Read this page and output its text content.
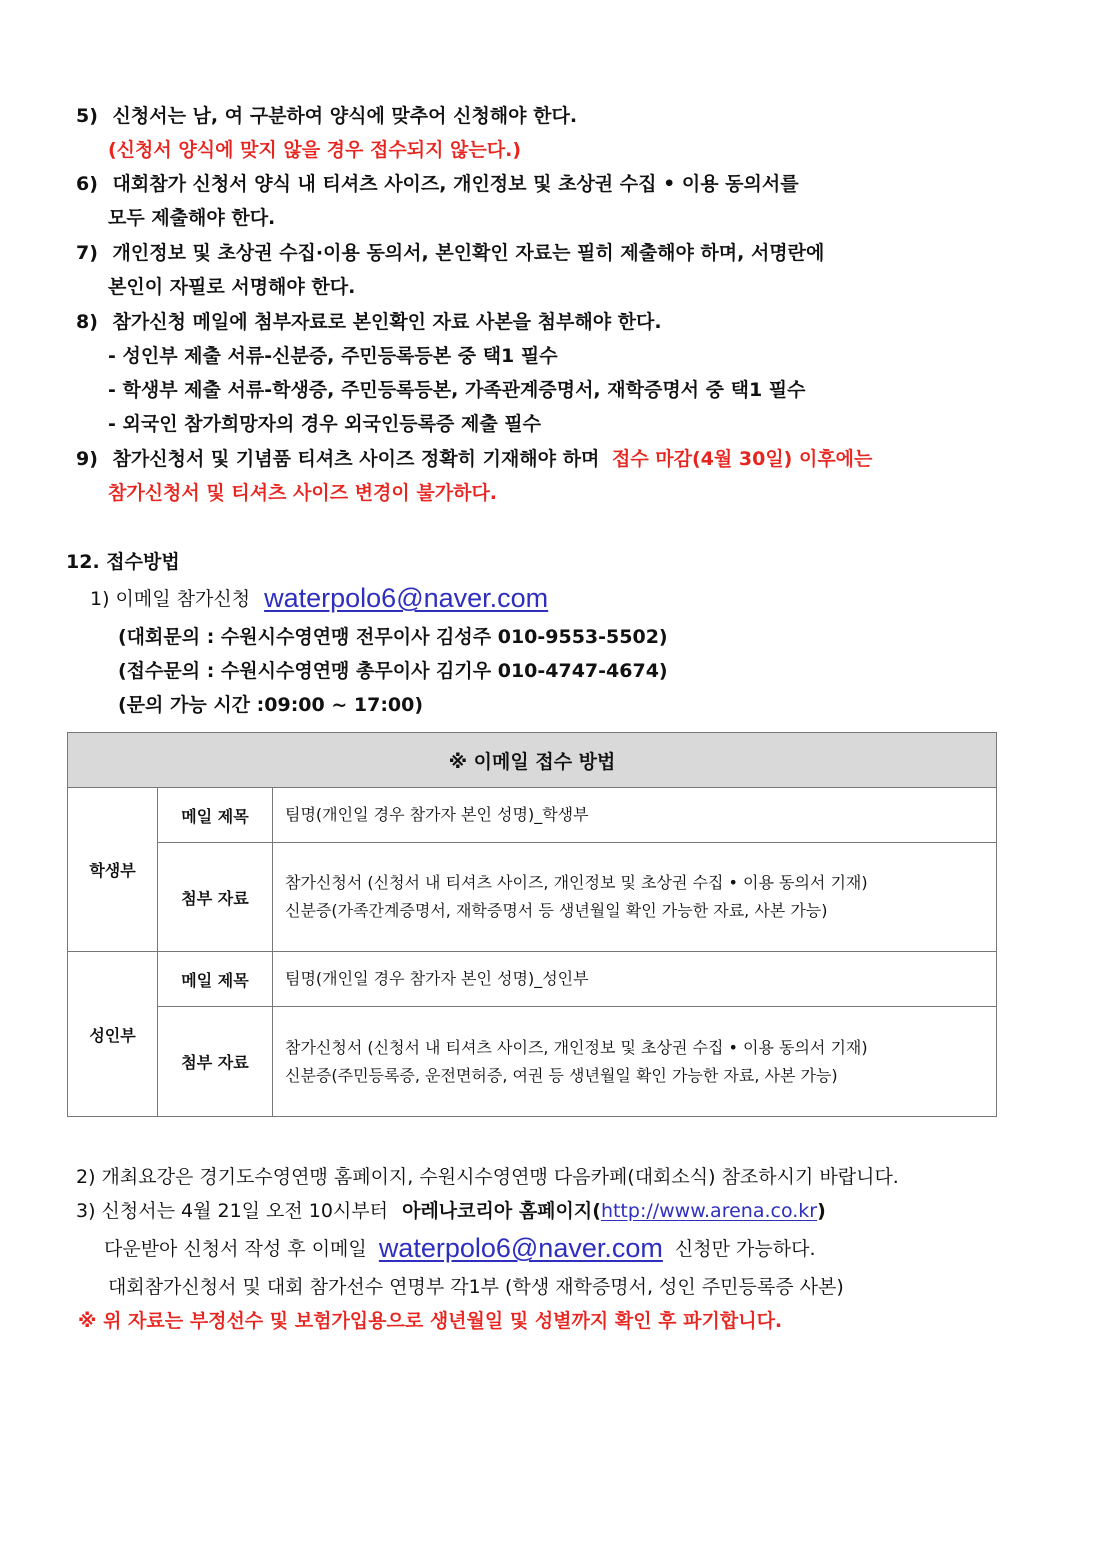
5) 신청서는 남, 여 구분하여 양식에 맞추어 신청해야 한다.
(신청서 양식에 맞지 않을 경우 접수되지 않는다.)
6) 대회참가 신청서 양식 내 티셔츠 사이즈, 개인정보 및 초상권 수집 • 이용 동의서를
모두 제출해야 한다.
7) 개인정보 및 초상권 수집·이용 동의서, 본인확인 자료는 필히 제출해야 하며, 서명란에
본인이 자필로 서명해야 한다.
8) 참가신청 메일에 첨부자료로 본인확인 자료 사본을 첨부해야 한다.
- 성인부 제출 서류-신분증, 주민등록등본 중 택1 필수
- 학생부 제출 서류-학생증, 주민등록등본, 가족관계증명서, 재학증명서 중 택1 필수
- 외국인 참가희망자의 경우 외국인등록증 제출 필수
9) 참가신청서 및 기념품 티셔츠 사이즈 정확히 기재해야 하며 접수 마감(4월 30일) 이후에는
참가신청서 및 티셔츠 사이즈 변경이 불가하다.
12. 접수방법
1) 이메일 참가신청 waterpolo6@naver.com
(대회문의 : 수원시수영연맹 전무이사 김성주 010-9553-5502)
(접수문의 : 수원시수영연맹 총무이사 김기우 010-4747-4674)
(문의 가능 시간 :09:00 ~ 17:00)
※ 이메일 접수 방법		
학생부	메일 제목	팀명(개인일 경우 참가자 본인 성명)_학생부
	첨부 자료	참가신청서 (신청서 내 티셔츠 사이즈, 개인정보 및 초상권 수집 • 이용 동의서 기재)
신분증(가족간계증명서, 재학증명서 등 생년월일 확인 가능한 자료, 사본 가능)

성인부	메일 제목	팀명(개인일 경우 참가자 본인 성명)_성인부
	첨부 자료	참가신청서 (신청서 내 티셔츠 사이즈, 개인정보 및 초상권 수집 • 이용 동의서 기재)
신분증(주민등록증, 운전면허증, 여권 등 생년월일 확인 가능한 자료, 사본 가능)
2) 개최요강은 경기도수영연맹 홈페이지, 수원시수영연맹 다음카페(대회소식) 참조하시기 바랍니다.
3) 신청서는 4월 21일 오전 10시부터 아레나코리아 홈페이지(http://www.arena.co.kr)
다운받아 신청서 작성 후 이메일 waterpolo6@naver.com 신청만 가능하다.
대회참가신청서 및 대회 참가선수 연명부 각1부 (학생 재학증명서, 성인 주민등록증 사본)
※ 위 자료는 부정선수 및 보험가입용으로 생년월일 및 성별까지 확인 후 파기합니다.
